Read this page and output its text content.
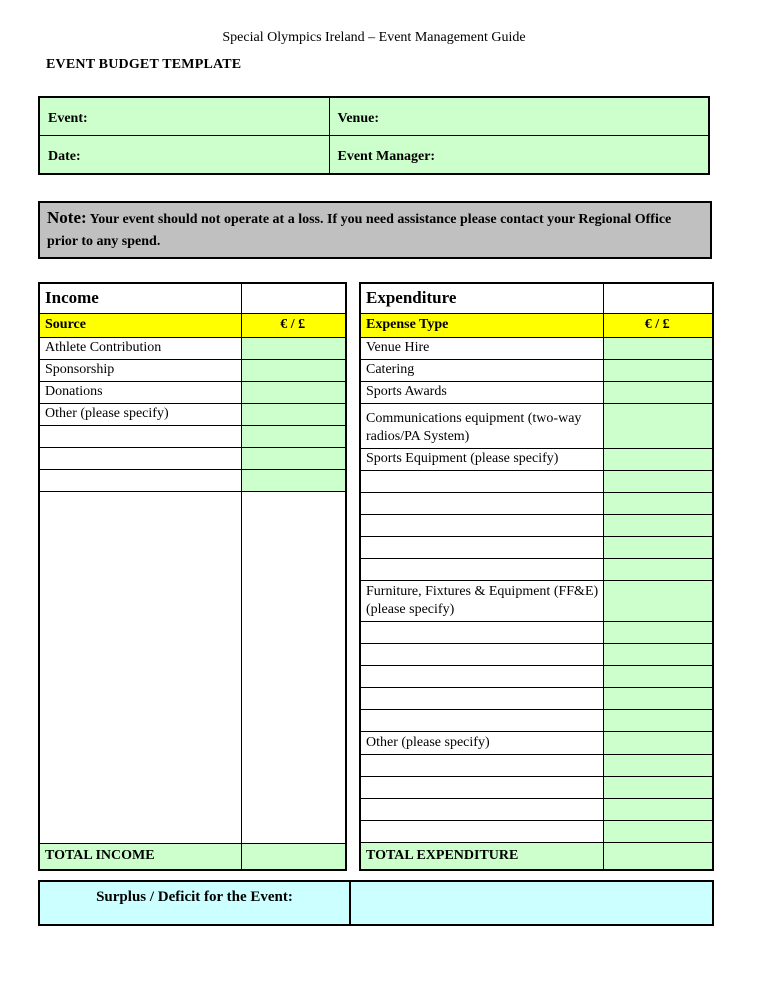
Special Olympics Ireland – Event Management Guide
EVENT BUDGET TEMPLATE
Event:	Venue:
Date:	Event Manager:
Note: Your event should not operate at a loss. If you need assistance please contact your Regional Office prior to any spend.
Income	
Source	€ / £
Athlete Contribution	
Sponsorship	
Donations	
Other (please specify)	

TOTAL INCOME	
Expenditure	
Expense Type	€ / £
Venue Hire	
Catering	
Sports Awards	
Communications equipment (two-way radios/PA System)	
Sports Equipment (please specify)	

Furniture, Fixtures & Equipment (FF&E) (please specify)	

Other (please specify)	

TOTAL EXPENDITURE	
Surplus / Deficit for the Event:
